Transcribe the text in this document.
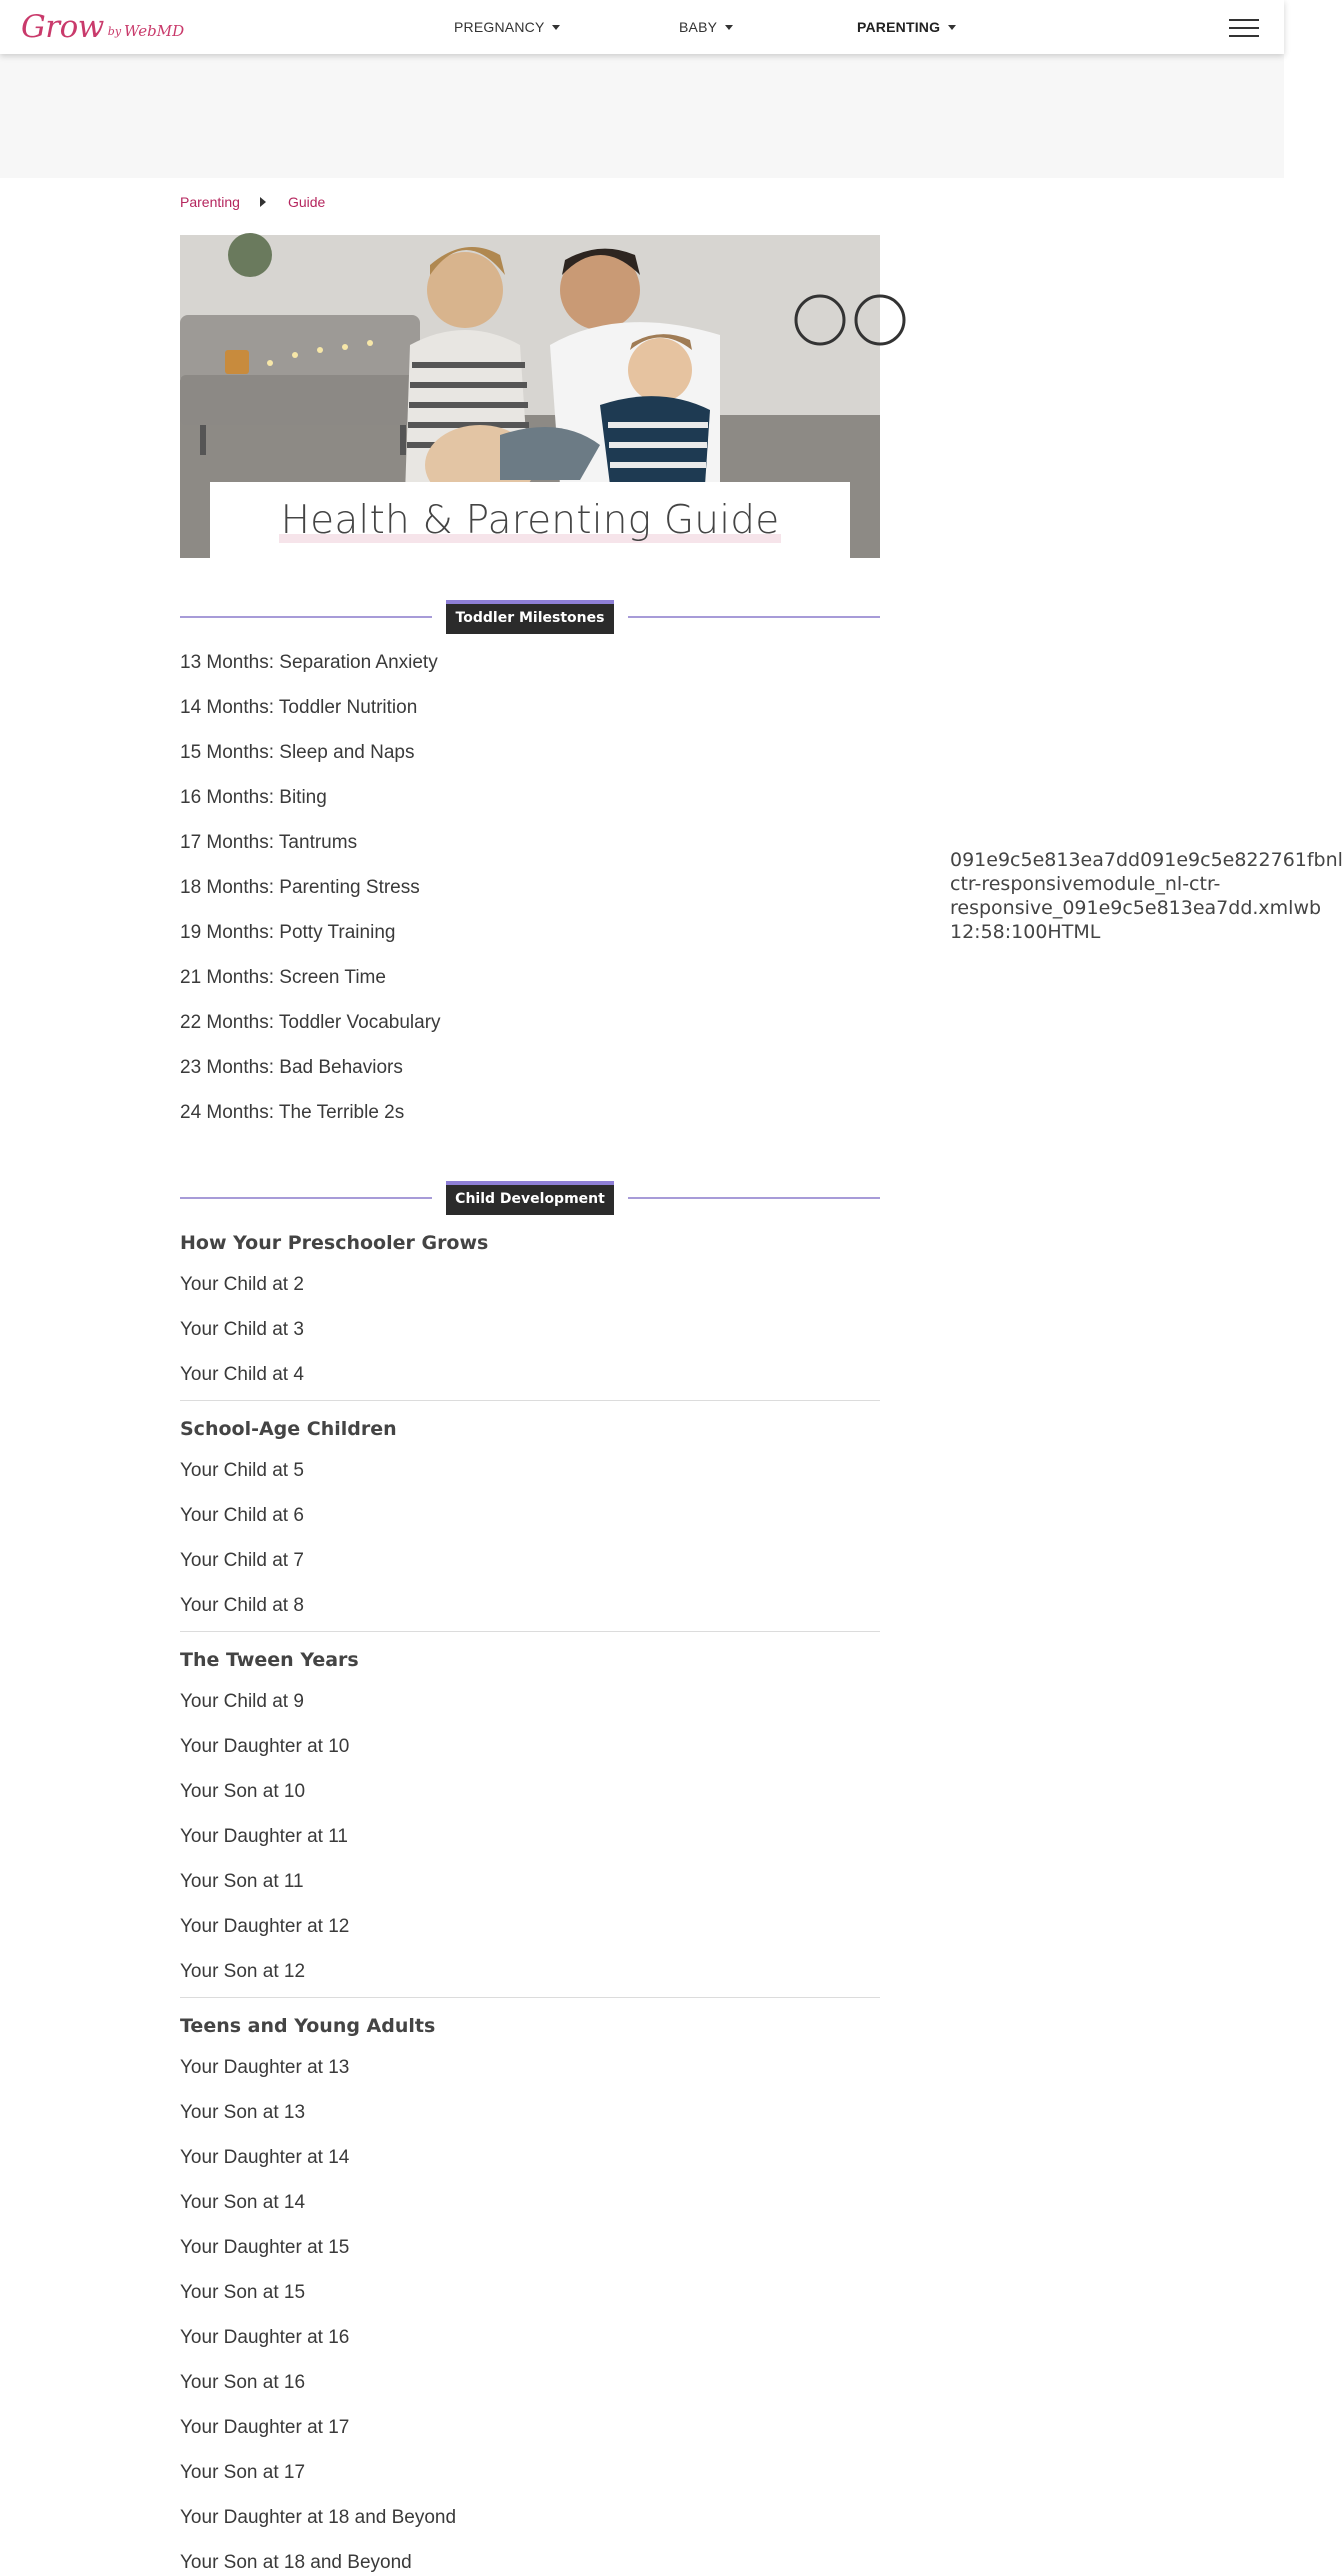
Grow by WebMD	PREGNANCY	BABY	PARENTING
Parenting	Guide
Health & Parenting Guide
Toddler Milestones
13 Months: Separation Anxiety
14 Months: Toddler Nutrition
15 Months: Sleep and Naps
16 Months: Biting
17 Months: Tantrums
18 Months: Parenting Stress
19 Months: Potty Training
21 Months: Screen Time
22 Months: Toddler Vocabulary
23 Months: Bad Behaviors
24 Months: The Terrible 2s
Child Development
How Your Preschooler Grows
Your Child at 2
Your Child at 3
Your Child at 4
School-Age Children
Your Child at 5
Your Child at 6
Your Child at 7
Your Child at 8
The Tween Years
Your Child at 9
Your Daughter at 10
Your Son at 10
Your Daughter at 11
Your Son at 11
Your Daughter at 12
Your Son at 12
Teens and Young Adults
Your Daughter at 13
Your Son at 13
Your Daughter at 14
Your Son at 14
Your Daughter at 15
Your Son at 15
Your Daughter at 16
Your Son at 16
Your Daughter at 17
Your Son at 17
Your Daughter at 18 and Beyond
Your Son at 18 and Beyond
091e9c5e813ea7dd091e9c5e822761fbnl
ctr-responsivemodule_nl-ctr-
responsive_091e9c5e813ea7dd.xmlwb
12:58:100HTML
